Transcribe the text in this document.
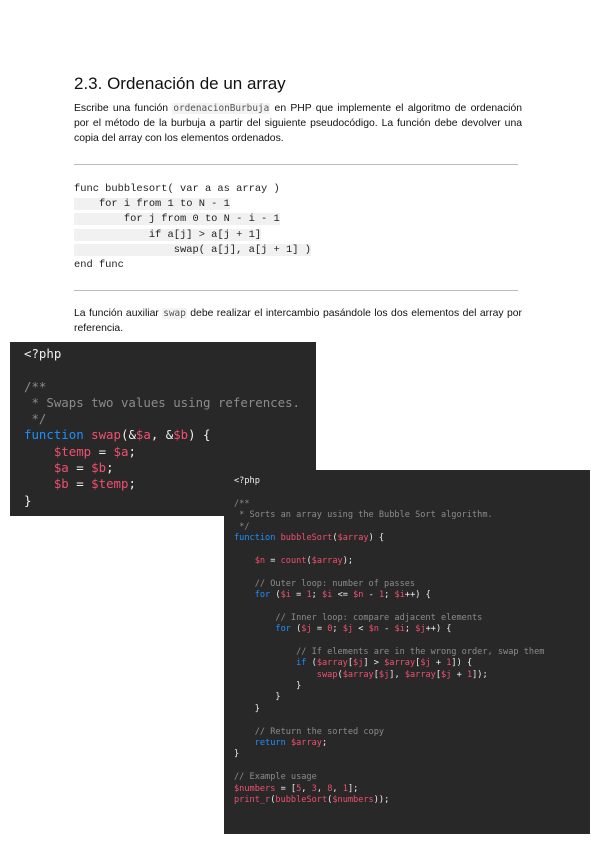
2.3. Ordenación de un array

Escribe una función ordenacionBurbuja en PHP que implemente el algoritmo de ordenación por el método de la burbuja a partir del siguiente pseudocódigo. La función debe devolver una copia del array con los elementos ordenados.

func bubblesort( var a as array )
for i from 1 to N - 1
for j from 0 to N - i - 1
if a[j] > a[j + 1]
swap( a[j], a[j + 1] )
end func

La función auxiliar swap debe realizar el intercambio pasándole los dos elementos del array por referencia.

<?php
/**
* Swaps two values using references.
*/
function swap(&$a, &$b) {
$temp = $a;
$a = $b;
$b = $temp;
}
<?php
/**
* Sorts an array using the Bubble Sort algorithm.
*/
function bubbleSort($array) {
$n = count($array);
// Outer loop: number of passes
for ($i = 1; $i <= $n - 1; $i++) {
// Inner loop: compare adjacent elements
for ($j = 0; $j < $n - $i; $j++) {
// If elements are in the wrong order, swap them
if ($array[$j] > $array[$j + 1]) {
swap($array[$j], $array[$j + 1]);
}
}
}
// Return the sorted copy
return $array;
}
// Example usage
$numbers = [5, 3, 8, 1];
print_r(bubbleSort($numbers));
